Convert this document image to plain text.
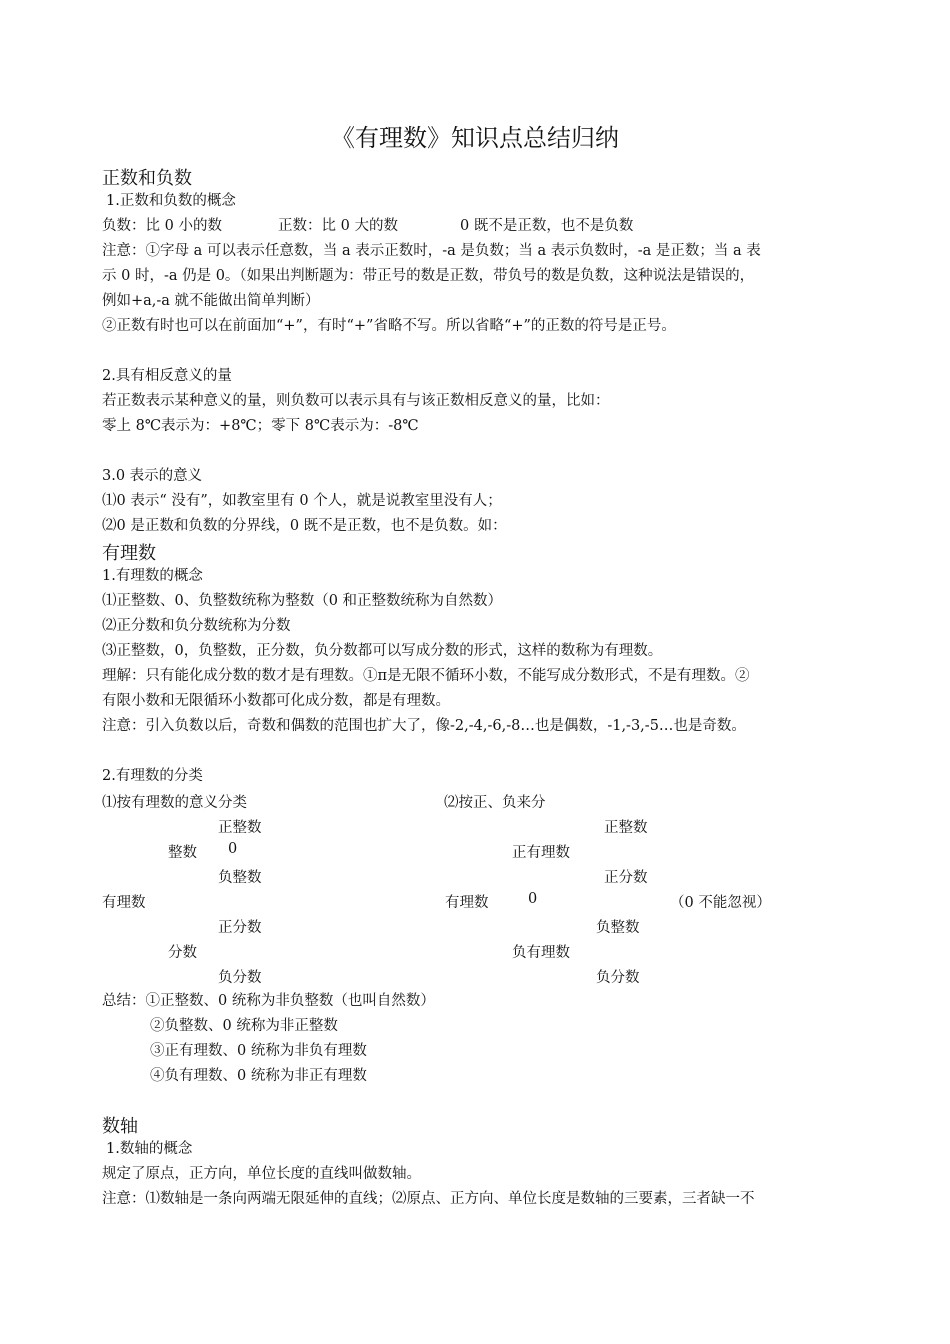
《有理数》知识点总结归纳
正数和负数
1.正数和负数的概念
负数：比 0 小的数	正数：比 0 大的数	0 既不是正数，也不是负数
注意：①字母 a 可以表示任意数，当 a 表示正数时，-a 是负数；当 a 表示负数时，-a 是正数；当 a 表
示 0 时，-a 仍是 0。（如果出判断题为：带正号的数是正数，带负号的数是负数，这种说法是错误的，
例如+a,-a 就不能做出简单判断）
②正数有时也可以在前面加“+”，有时“+”省略不写。所以省略“+”的正数的符号是正号。
2.具有相反意义的量
若正数表示某种意义的量，则负数可以表示具有与该正数相反意义的量，比如：
零上 8℃表示为：+8℃；零下 8℃表示为：-8℃
3.0 表示的意义
⑴0 表示“ 没有”，如教室里有 0 个人，就是说教室里没有人；
⑵0 是正数和负数的分界线，0 既不是正数，也不是负数。如：
有理数
1.有理数的概念
⑴正整数、0、负整数统称为整数（0 和正整数统称为自然数）
⑵正分数和负分数统称为分数
⑶正整数，0，负整数，正分数，负分数都可以写成分数的形式，这样的数称为有理数。
理解：只有能化成分数的数才是有理数。①π是无限不循环小数，不能写成分数形式，不是有理数。②
有限小数和无限循环小数都可化成分数，都是有理数。
注意：引入负数以后，奇数和偶数的范围也扩大了，像-2,-4,-6,-8…也是偶数，-1,-3,-5…也是奇数。
2.有理数的分类
⑴按有理数的意义分类
正整数
整数 0
负整数
有理数
正分数
分数
负分数
⑵按正、负来分
正整数
正有理数
正分数
有理数	0	（0 不能忽视）
负整数
负有理数
负分数
总结：①正整数、0 统称为非负整数（也叫自然数）
②负整数、0 统称为非正整数
③正有理数、0 统称为非负有理数
④负有理数、0 统称为非正有理数
数轴
1.数轴的概念
规定了原点，正方向，单位长度的直线叫做数轴。
注意：⑴数轴是一条向两端无限延伸的直线；⑵原点、正方向、单位长度是数轴的三要素，三者缺一不
